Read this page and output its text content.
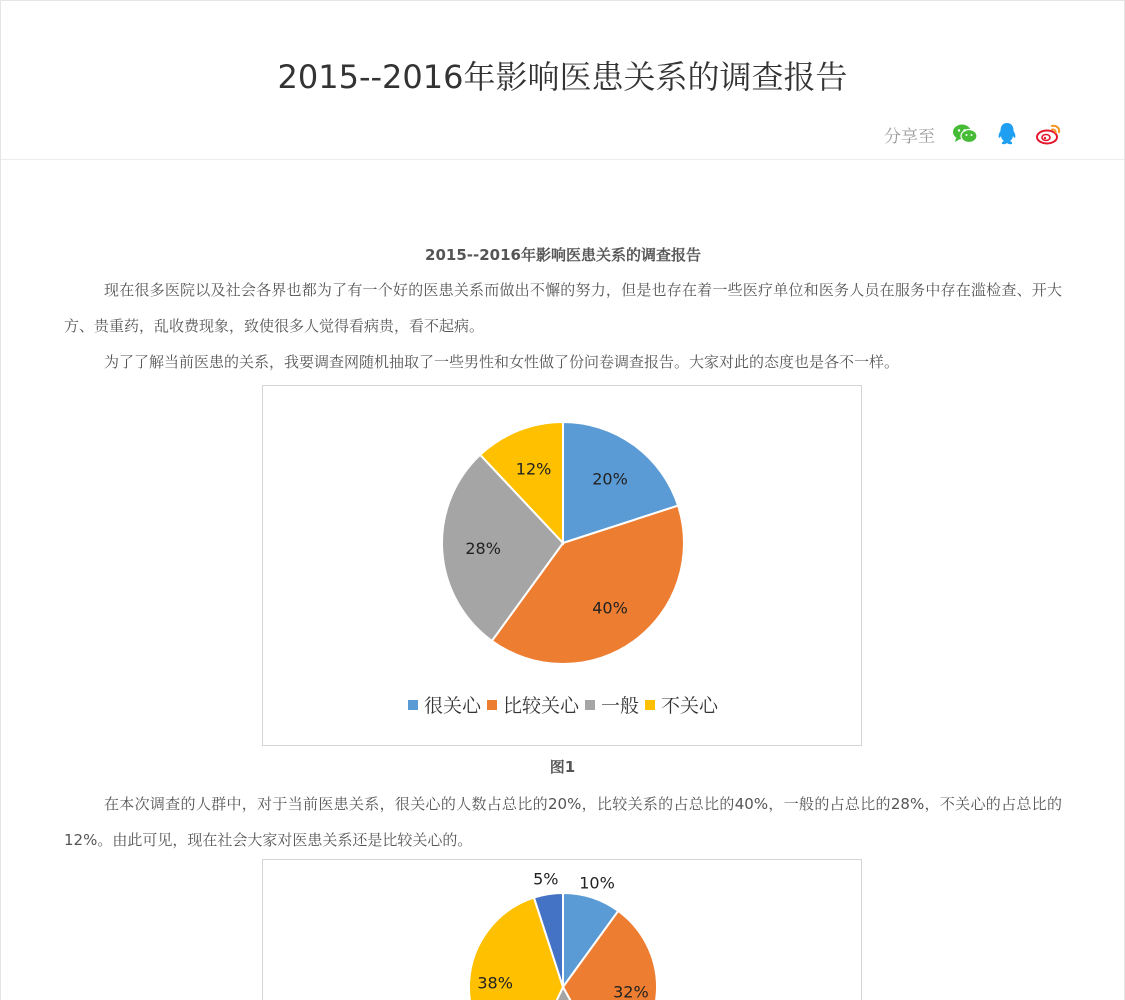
2015--2016年影响医患关系的调查报告
分享至
2015--2016年影响医患关系的调查报告

现在很多医院以及社会各界也都为了有一个好的医患关系而做出不懈的努力，但是也存在着一些医疗单位和医务人员在服务中存在滥检查、开大方、贵重药，乱收费现象，致使很多人觉得看病贵，看不起病。

为了了解当前医患的关系，我要调查网随机抽取了一些男性和女性做了份问卷调查报告。大家对此的态度也是各不一样。

20%
40%
28%
12%
很关心 比较关心 一般 不关心
图1

在本次调查的人群中，对于当前医患关系，很关心的人数占总比的20%，比较关系的占总比的40%，一般的占总比的28%，不关心的占总比的12%。由此可见，现在社会大家对医患关系还是比较关心的。

10%
32%
38%
5%
